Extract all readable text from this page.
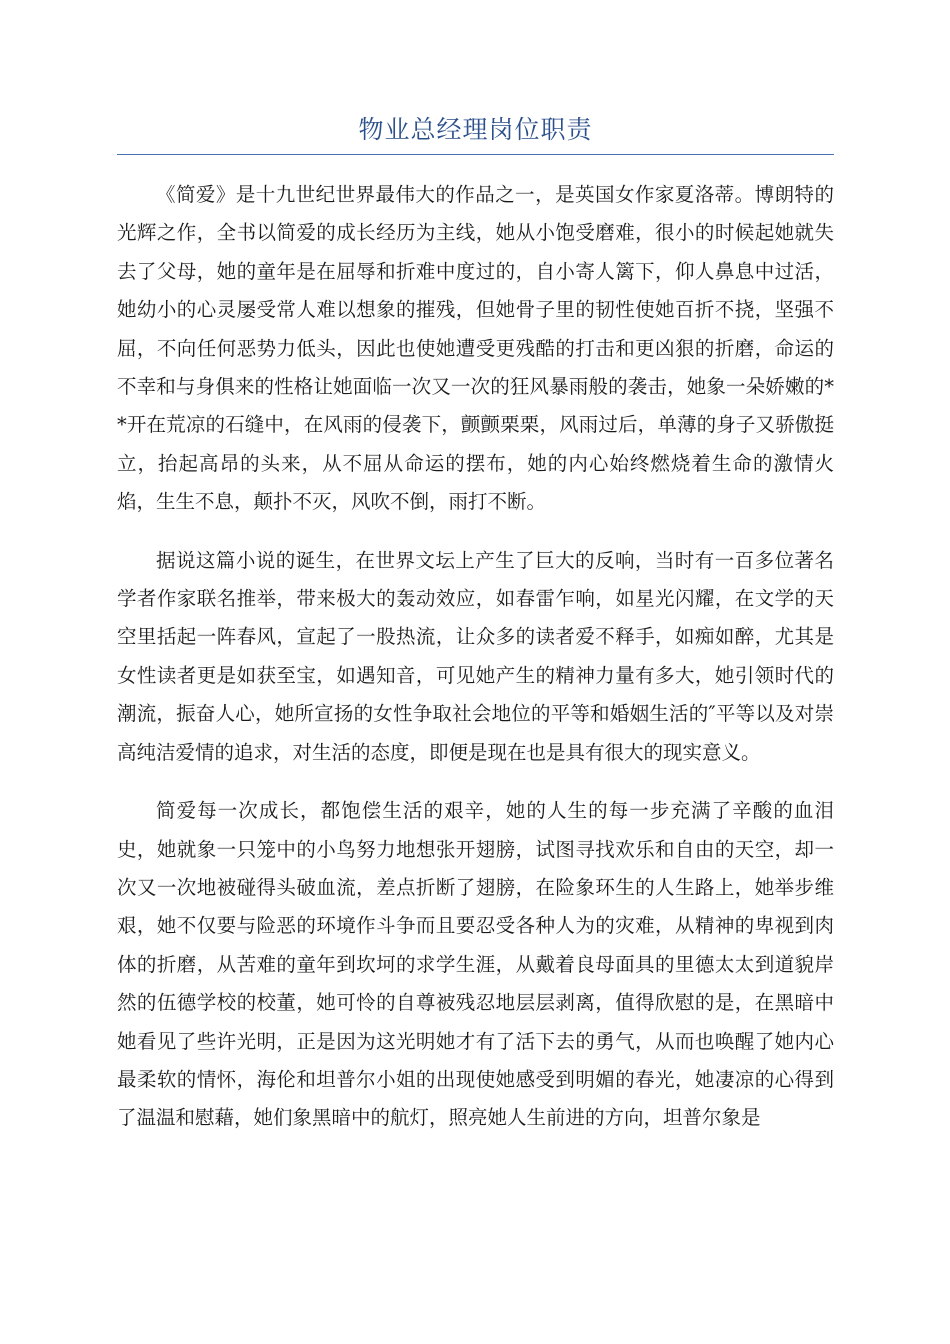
物业总经理岗位职责

《简爱》是十九世纪世界最伟大的作品之一，是英国女作家夏洛蒂。博朗特的光辉之作，全书以简爱的成长经历为主线，她从小饱受磨难，很小的时候起她就失去了父母，她的童年是在屈辱和折难中度过的，自小寄人篱下，仰人鼻息中过活，她幼小的心灵屡受常人难以想象的摧残，但她骨子里的韧性使她百折不挠，坚强不屈，不向任何恶势力低头，因此也使她遭受更残酷的打击和更凶狠的折磨，命运的不幸和与身俱来的性格让她面临一次又一次的狂风暴雨般的袭击，她象一朵娇嫩的**开在荒凉的石缝中，在风雨的侵袭下，颤颤栗栗，风雨过后，单薄的身子又骄傲挺立，抬起高昂的头来，从不屈从命运的摆布，她的内心始终燃烧着生命的激情火焰，生生不息，颠扑不灭，风吹不倒，雨打不断。

据说这篇小说的诞生，在世界文坛上产生了巨大的反响，当时有一百多位著名学者作家联名推举，带来极大的轰动效应，如春雷乍响，如星光闪耀，在文学的天空里括起一阵春风，宣起了一股热流，让众多的读者爱不释手，如痴如醉，尤其是女性读者更是如获至宝，如遇知音，可见她产生的精神力量有多大，她引领时代的潮流，振奋人心，她所宣扬的女性争取社会地位的平等和婚姻生活的″平等以及对崇高纯洁爱情的追求，对生活的态度，即便是现在也是具有很大的现实意义。

简爱每一次成长，都饱偿生活的艰辛，她的人生的每一步充满了辛酸的血泪史，她就象一只笼中的小鸟努力地想张开翅膀，试图寻找欢乐和自由的天空，却一次又一次地被碰得头破血流，差点折断了翅膀，在险象环生的人生路上，她举步维艰，她不仅要与险恶的环境作斗争而且要忍受各种人为的灾难，从精神的卑视到肉体的折磨，从苦难的童年到坎坷的求学生涯，从戴着良母面具的里德太太到道貌岸然的伍德学校的校董，她可怜的自尊被残忍地层层剥离，值得欣慰的是，在黑暗中她看见了些许光明，正是因为这光明她才有了活下去的勇气，从而也唤醒了她内心最柔软的情怀，海伦和坦普尔小姐的出现使她感受到明媚的春光，她凄凉的心得到了温温和慰藉，她们象黑暗中的航灯，照亮她人生前进的方向，坦普尔象是
